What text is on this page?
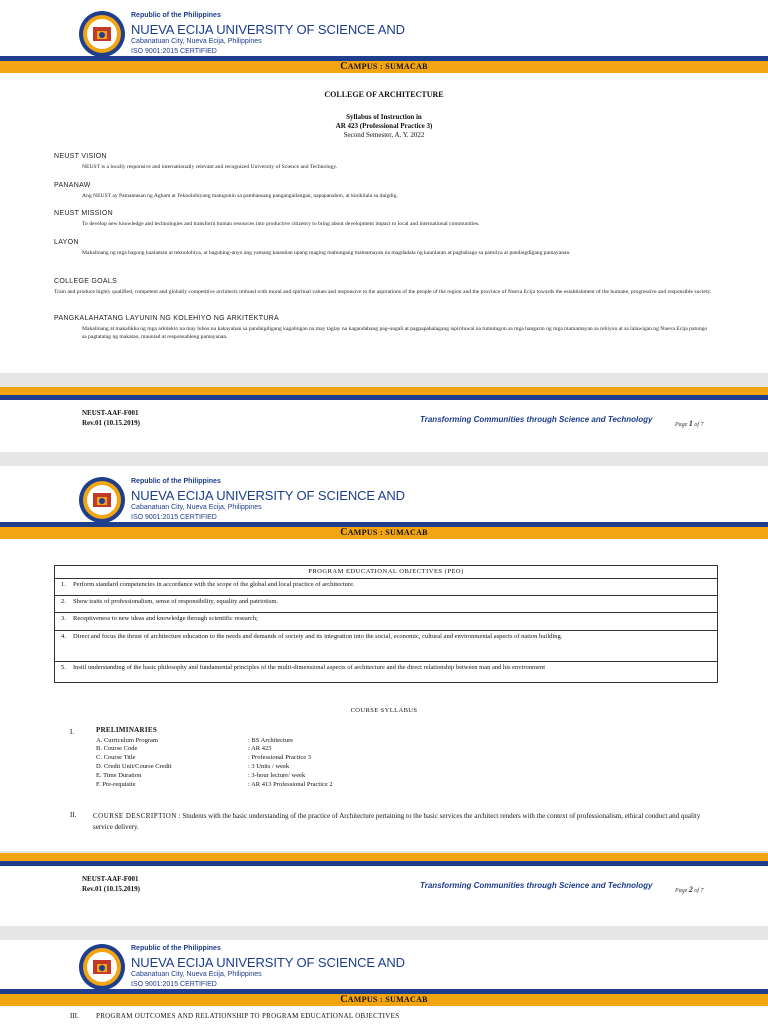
Republic of the Philippines
NUEVA ECIJA UNIVERSITY OF SCIENCE AND
Cabanatuan City, Nueva Ecija, Philippines
ISO 9001:2015 CERTIFIED
CAMPUS : SUMACAB
COLLEGE OF ARCHITECTURE
Syllabus of Instruction in
AR 423 (Professional Practice 3)
Second Semester, A. Y. 2022
NEUST VISION
NEUST is a locally responsive and internationally relevant and recognized University of Science and Technology.
PANANAW
Ang NEUST ay Pamantasan ng Agham at Teknolohiyang matugunin sa pambansang pangangailangan, napapanahon, at kinikilala sa daigdig.
NEUST MISSION
To develop new knowledge and technologies and transform human resources into productive citizenry to bring about development impact to local and international communities.
LAYON
Makalinang ng mga bagong kaalaman at teknolohiya, at baguhing-anyo ang yamang katauhan upang maging mabungang mamamayan na magdadala ng kaunlaran at pagbabago sa pamilya at pandaigdigang pamayanan.
COLLEGE GOALS
Train and produce highly qualified, competent and globally competitive architects imbued with moral and spiritual values and responsive to the aspirations of the people of the region and the province of Nueva Ecija towards the establishment of the humane, progressive and responsible society.
PANGKALAHATANG LAYUNIN NG KOLEHIYO NG ARKITEKTURA
Makalinang at makalikha ng mga arkitekto na may lubos na kakayahan sa pandaigdigang kagalingan na may taglay na kagandahang pag-uugali at pagpapahalagang ispirituwal na tumutugon sa mga hangarin ng mga mamamayan sa rehiyon at sa lalawigan ng Nueva Ecija patungo sa pagtatatag ng makatao, maunlad at responsableng pamayanan.
NEUST-AAF-F001
Rev.01 (10.15.2019)	Transforming Communities through Science and Technology
Page 1 of 7
Republic of the Philippines
NUEVA ECIJA UNIVERSITY OF SCIENCE AND
Cabanatuan City, Nueva Ecija, Philippines
ISO 9001:2015 CERTIFIED
CAMPUS : SUMACAB
PROGRAM EDUCATIONAL OBJECTIVES (PEO)
1. Perform standard competencies in accordance with the scope of the global and local practice of architecture.
2. Show traits of professionalism, sense of responsibility, equality and patriotism.
3. Receptiveness to new ideas and knowledge through scientific research;
4. Direct and focus the thrust of architecture education to the needs and demands of society and its integration into the social, economic, cultural and environmental aspects of nation building.
5. Instil understanding of the basic philosophy and fundamental principles of the multi-dimensional aspects of architecture and the direct relationship between man and his environment
COURSE SYLLABUS
I.	PRELIMINARIES
A. Curriculum Program	: BS Architecture
B. Course Code	: AR 423
C. Course Title	: Professional Practice 3
D. Credit Unit/Course Credit	: 3 Units / week
E. Time Duration	: 3-hour lecture/ week
F. Pre-requisite	: AR 413 Professional Practice 2
II. COURSE DESCRIPTION : Students with the basic understanding of the practice of Architecture pertaining to the basic services the architect renders with the context of professionalism, ethical conduct and quality service delivery.
NEUST-AAF-F001
Rev.01 (10.15.2019)	Transforming Communities through Science and Technology
Page 2 of 7
Republic of the Philippines
NUEVA ECIJA UNIVERSITY OF SCIENCE AND
Cabanatuan City, Nueva Ecija, Philippines
ISO 9001:2015 CERTIFIED
CAMPUS : SUMACAB
III. PROGRAM OUTCOMES AND RELATIONSHIP TO PROGRAM EDUCATIONAL OBJECTIVES
